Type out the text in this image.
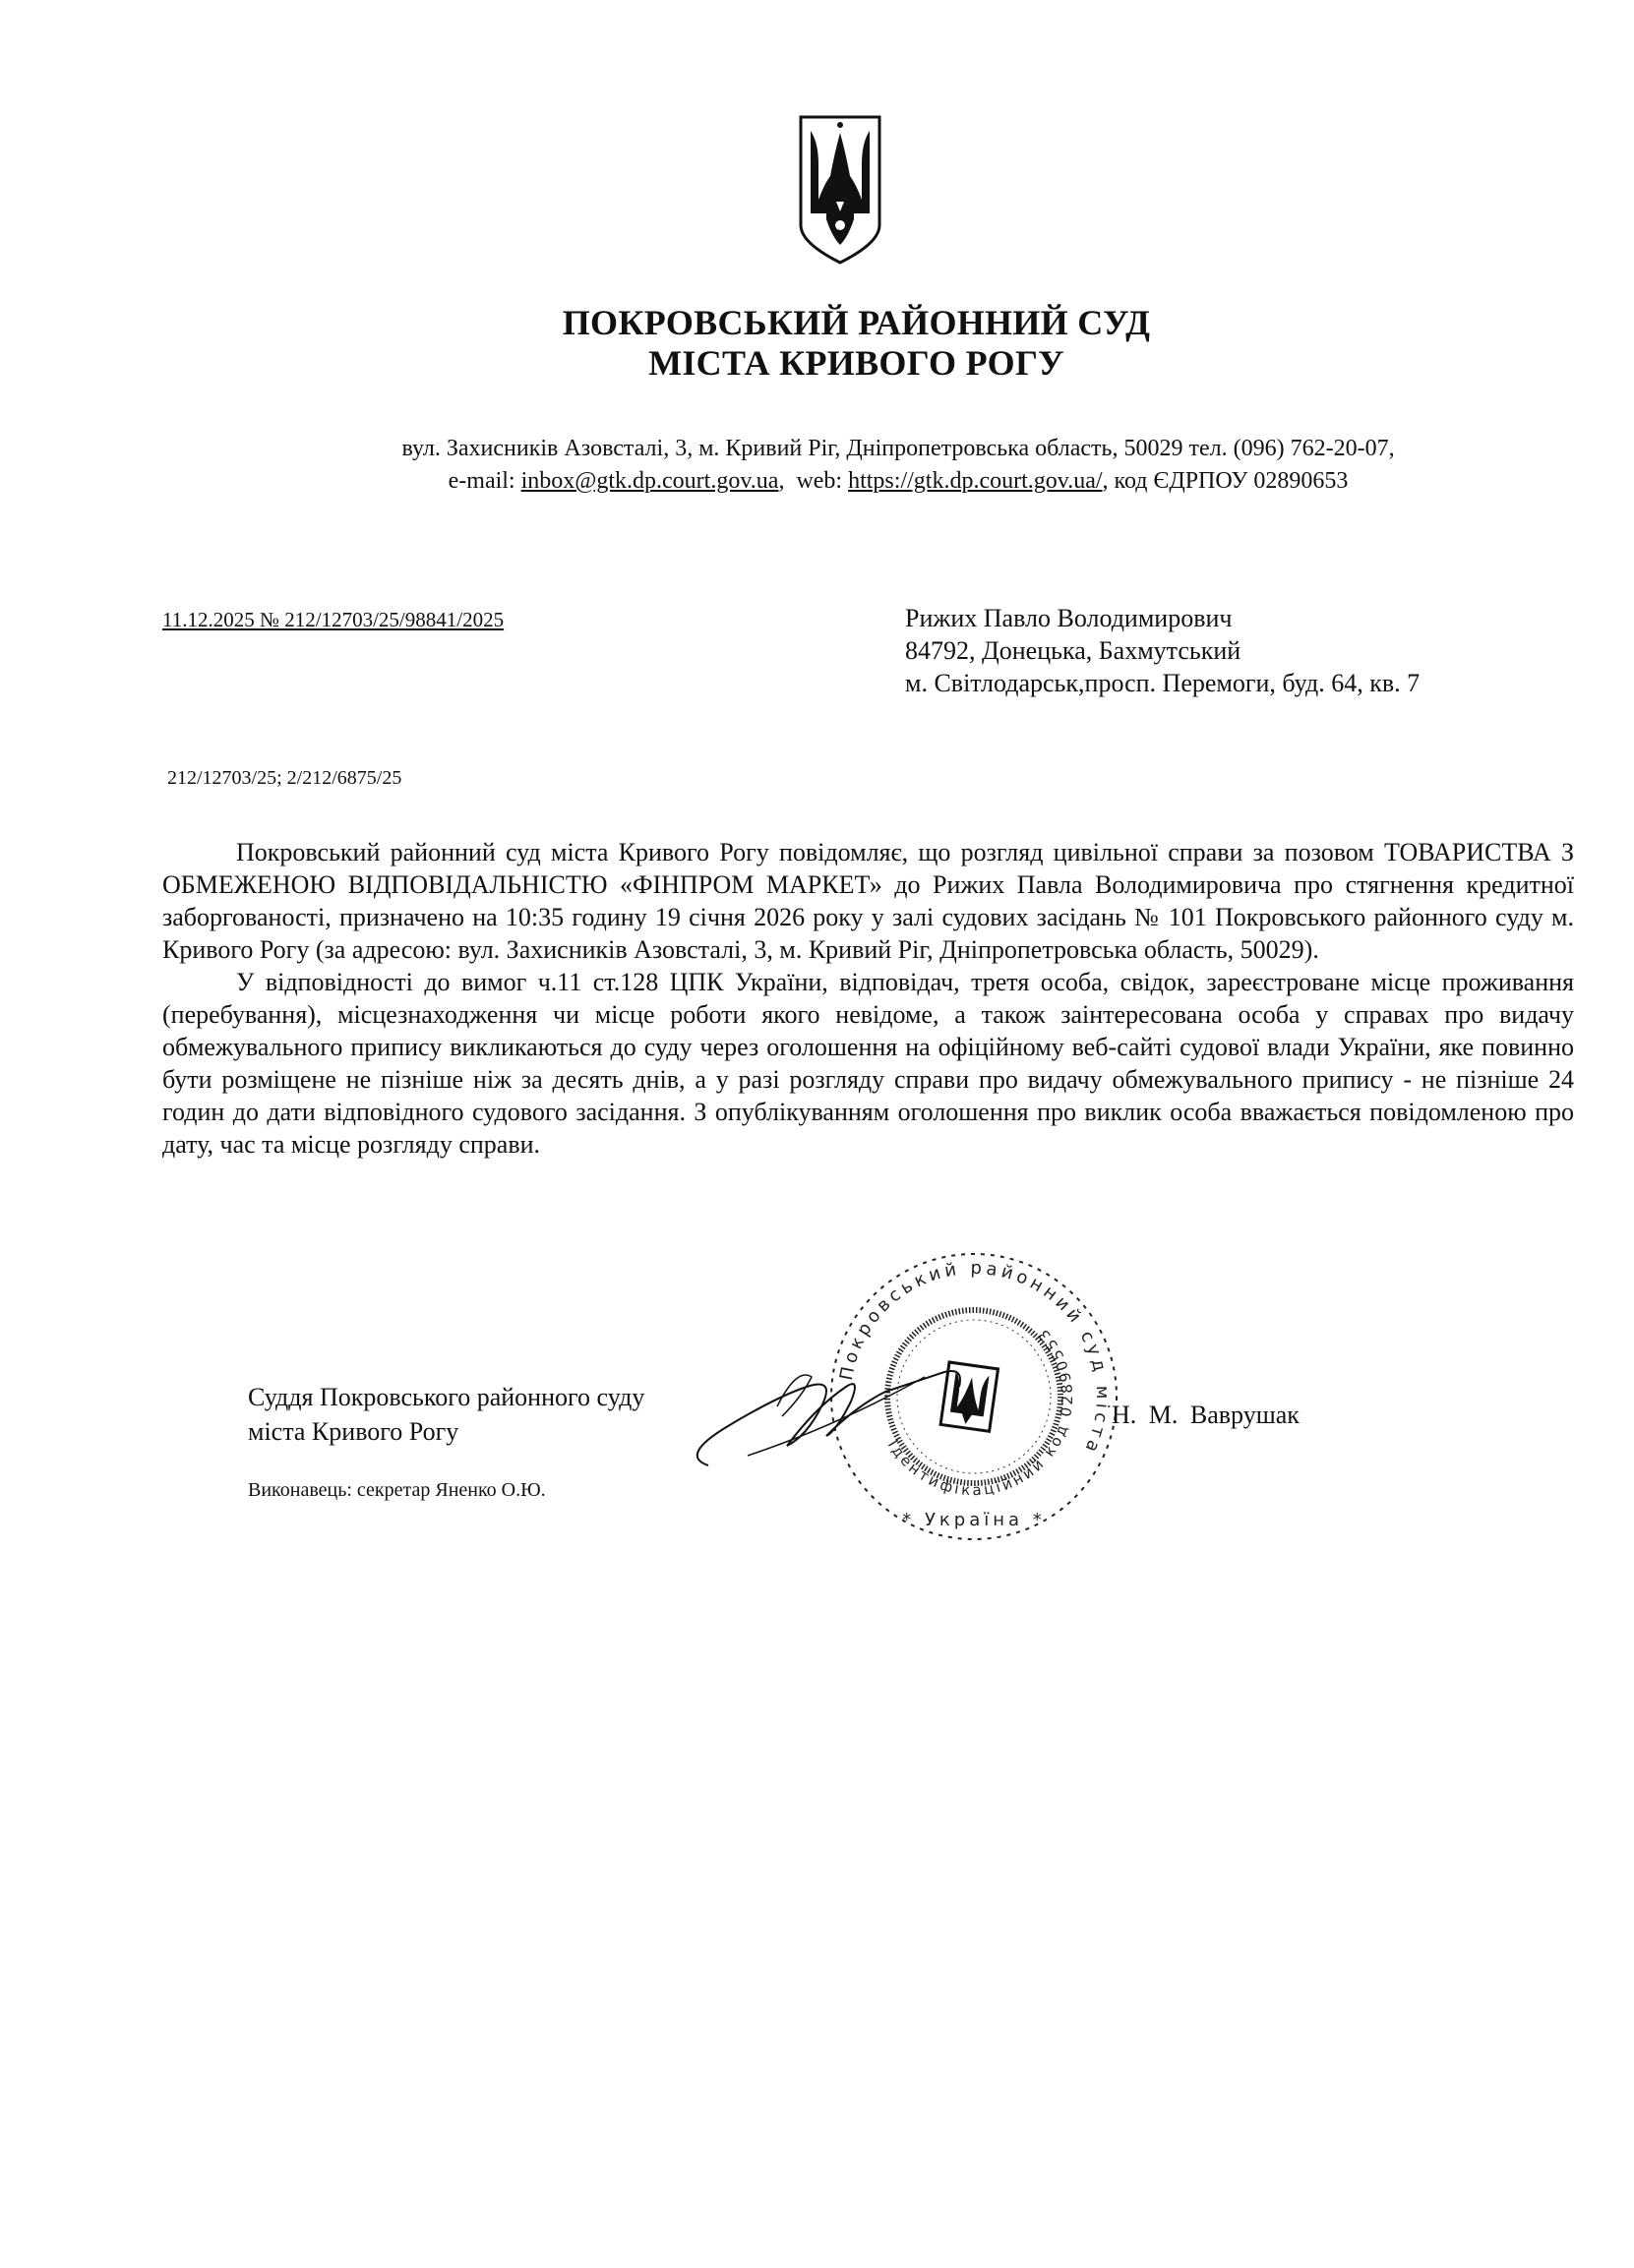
ПОКРОВСЬКИЙ РАЙОННИЙ СУД
МІСТА КРИВОГО РОГУ
вул. Захисників Азовсталі, 3, м. Кривий Ріг, Дніпропетровська область, 50029 тел. (096) 762-20-07,
e-mail: inbox@gtk.dp.court.gov.ua,  web: https://gtk.dp.court.gov.ua/, код ЄДРПОУ 02890653
11.12.2025 № 212/12703/25/98841/2025	Рижих Павло Володимирович
84792, Донецька, Бахмутський
м. Світлодарськ,просп. Перемоги, буд. 64, кв. 7
212/12703/25; 2/212/6875/25

Покровський районний суд міста Кривого Рогу повідомляє, що розгляд цивільної справи за позовом ТОВАРИСТВА З ОБМЕЖЕНОЮ ВІДПОВІДАЛЬНІСТЮ «ФІНПРОМ МАРКЕТ» до Рижих Павла Володимировича про стягнення кредитної заборгованості, призначено на 10:35 годину 19 січня 2026 року у залі судових засідань № 101 Покровського районного суду м. Кривого Рогу (за адресою: вул. Захисників Азовсталі, 3, м. Кривий Ріг, Дніпропетровська область, 50029).

У відповідності до вимог ч.11 ст.128 ЦПК України, відповідач, третя особа, свідок, зареєстроване місце проживання (перебування), місцезнаходження чи місце роботи якого невідоме, а також заінтересована особа у справах про видачу обмежувального припису викликаються до суду через оголошення на офіційному веб-сайті судової влади України, яке повинно бути розміщене не пізніше ніж за десять днів, а у разі розгляду справи про видачу обмежувального припису - не пізніше 24 годин до дати відповідного судового засідання. З опублікуванням оголошення про виклик особа вважається повідомленою про дату, час та місце розгляду справи.

Покровський районний суд міста
Ідентифікаційний код 02890553
* Україна *
Суддя Покровського районного суду
міста Кривого Рогу
Н. М. Ваврушак
Виконавець: секретар Яненко О.Ю.
